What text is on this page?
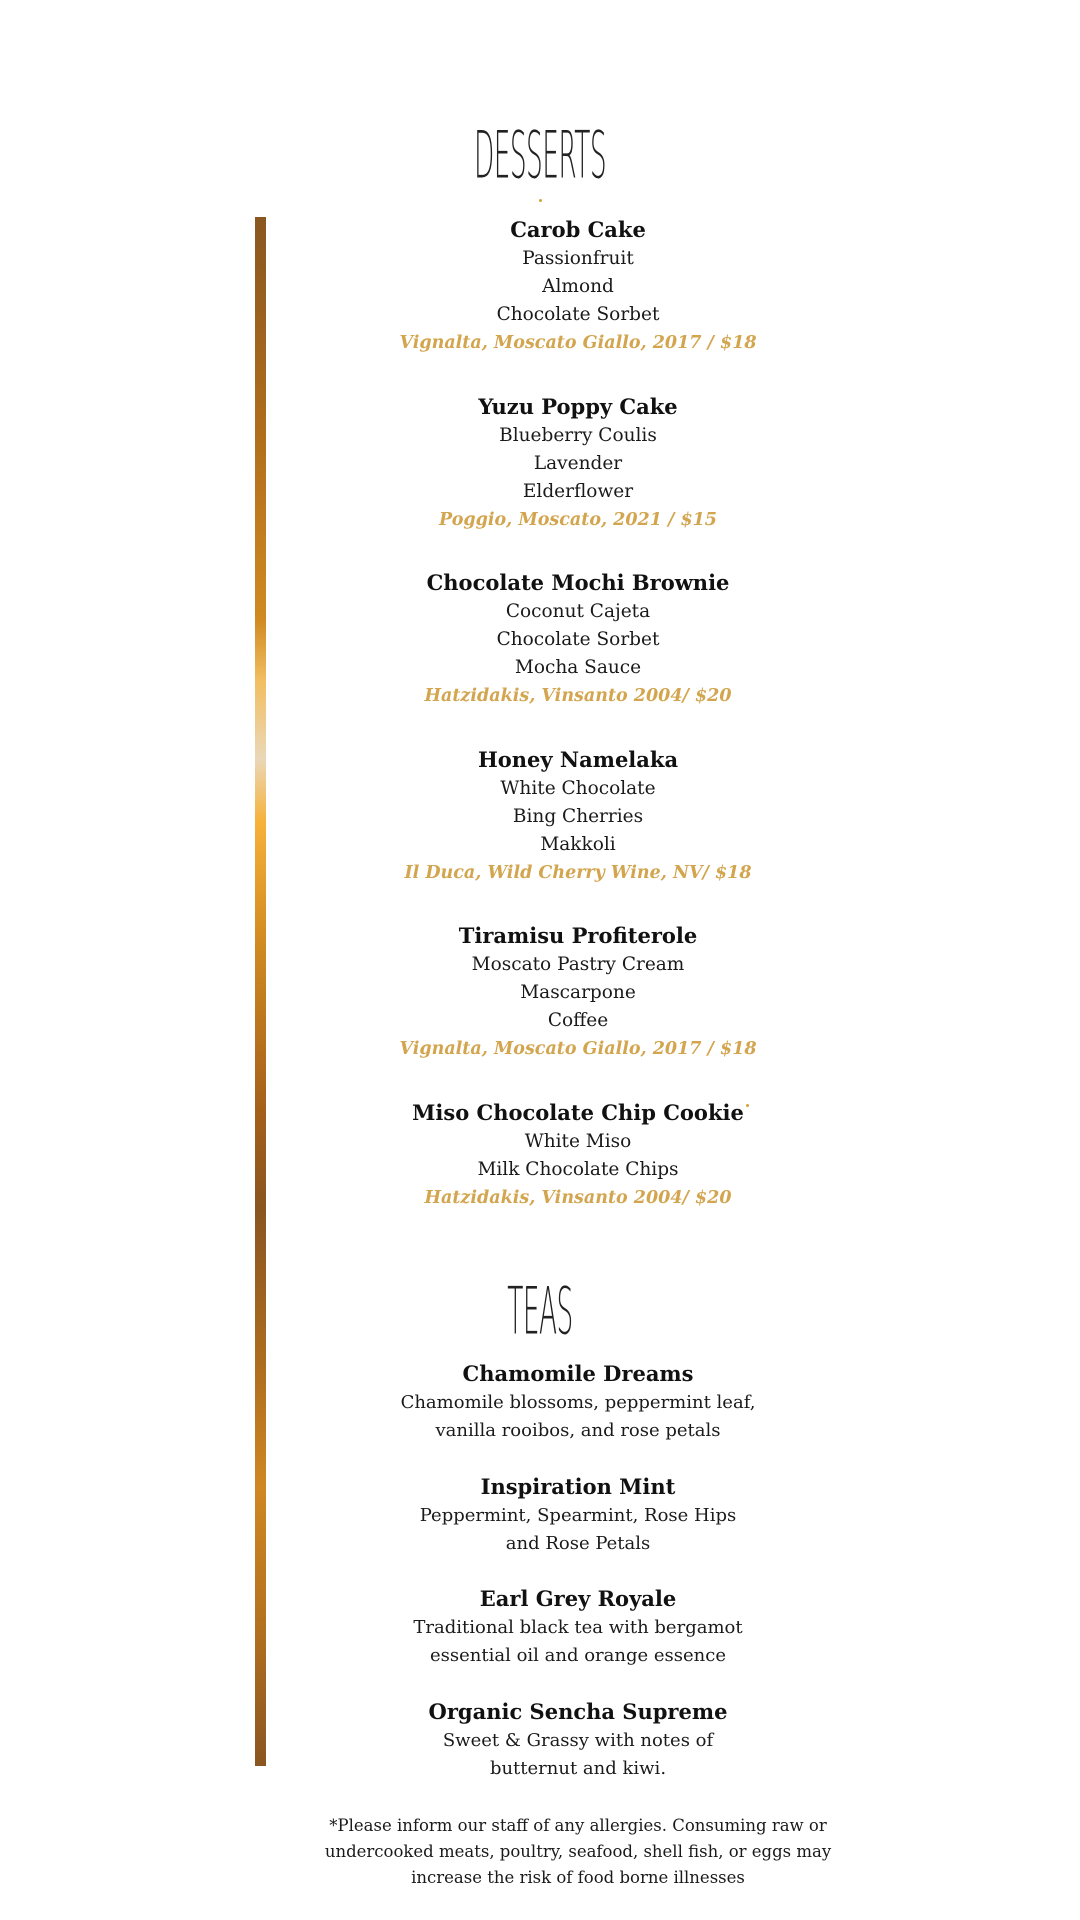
DESSERTS
Carob Cake
Passionfruit
Almond
Chocolate Sorbet
Vignalta, Moscato Giallo, 2017 / $18
Yuzu Poppy Cake
Blueberry Coulis
Lavender
Elderflower
Poggio, Moscato, 2021 / $15
Chocolate Mochi Brownie
Coconut Cajeta
Chocolate Sorbet
Mocha Sauce
Hatzidakis, Vinsanto 2004/ $20
Honey Namelaka
White Chocolate
Bing Cherries
Makkoli
Il Duca, Wild Cherry Wine, NV/ $18
Tiramisu Profiterole
Moscato Pastry Cream
Mascarpone
Coffee
Vignalta, Moscato Giallo, 2017 / $18
Miso Chocolate Chip Cookie
White Miso
Milk Chocolate Chips
Hatzidakis, Vinsanto 2004/ $20
TEAS
Chamomile Dreams
Chamomile blossoms, peppermint leaf,
vanilla rooibos, and rose petals
Inspiration Mint
Peppermint, Spearmint, Rose Hips
and Rose Petals
Earl Grey Royale
Traditional black tea with bergamot
essential oil and orange essence
Organic Sencha Supreme
Sweet & Grassy with notes of
butternut and kiwi.
*Please inform our staff of any allergies. Consuming raw or
undercooked meats, poultry, seafood, shell fish, or eggs may
increase the risk of food borne illnesses
